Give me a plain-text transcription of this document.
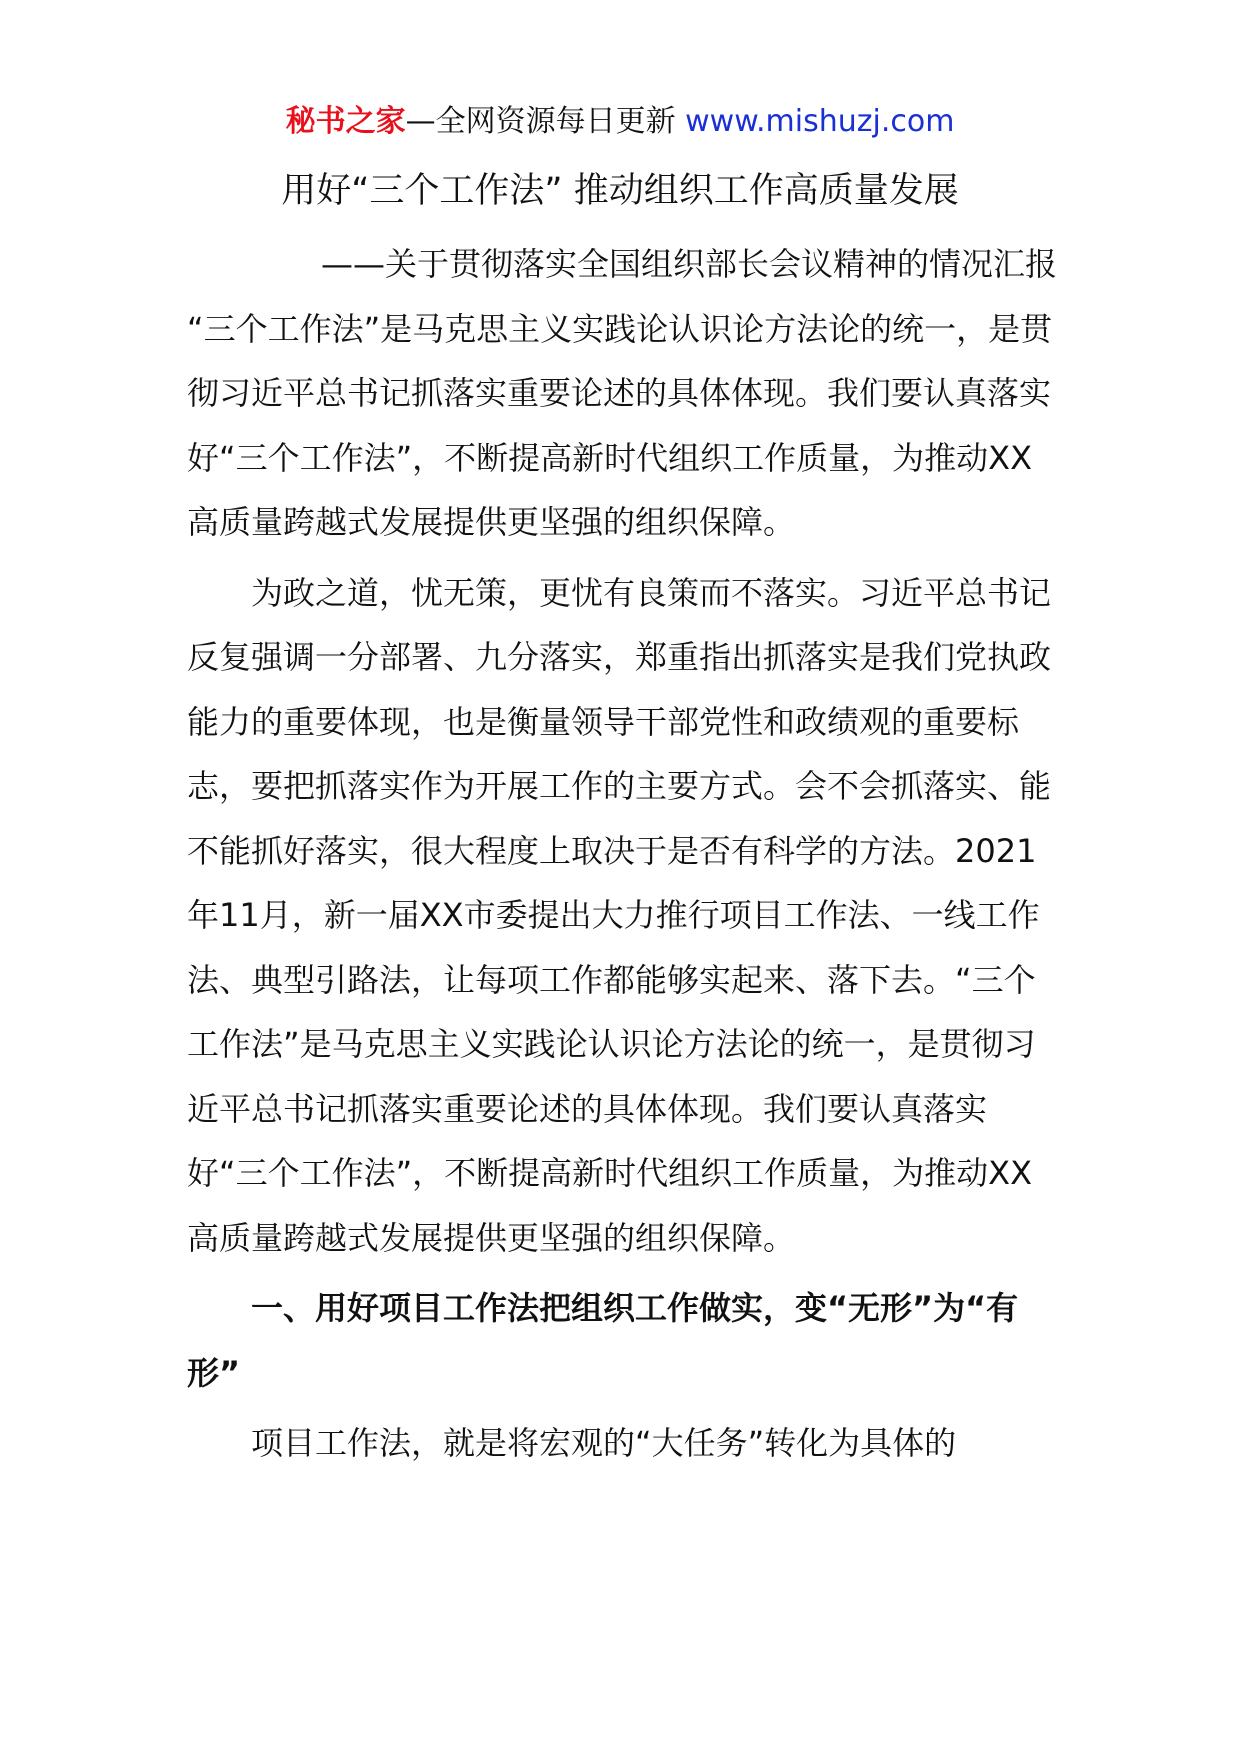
秘书之家—全网资源每日更新 www.mishuzj.com
用好“三个工作法” 推动组织工作高质量发展

——关于贯彻落实全国组织部长会议精神的情况汇报

“三个工作法”是马克思主义实践论认识论方法论的统一，是贯彻习近平总书记抓落实重要论述的具体体现。我们要认真落实好“三个工作法”，不断提高新时代组织工作质量，为推动XX高质量跨越式发展提供更坚强的组织保障。

为政之道，忧无策，更忧有良策而不落实。习近平总书记反复强调一分部署、九分落实，郑重指出抓落实是我们党执政能力的重要体现，也是衡量领导干部党性和政绩观的重要标志，要把抓落实作为开展工作的主要方式。会不会抓落实、能不能抓好落实，很大程度上取决于是否有科学的方法。2021年11月，新一届XX市委提出大力推行项目工作法、一线工作法、典型引路法，让每项工作都能够实起来、落下去。“三个工作法”是马克思主义实践论认识论方法论的统一，是贯彻习近平总书记抓落实重要论述的具体体现。我们要认真落实好“三个工作法”，不断提高新时代组织工作质量，为推动XX高质量跨越式发展提供更坚强的组织保障。

一、用好项目工作法把组织工作做实，变“无形”为“有形”

项目工作法，就是将宏观的“大任务”转化为具体的
